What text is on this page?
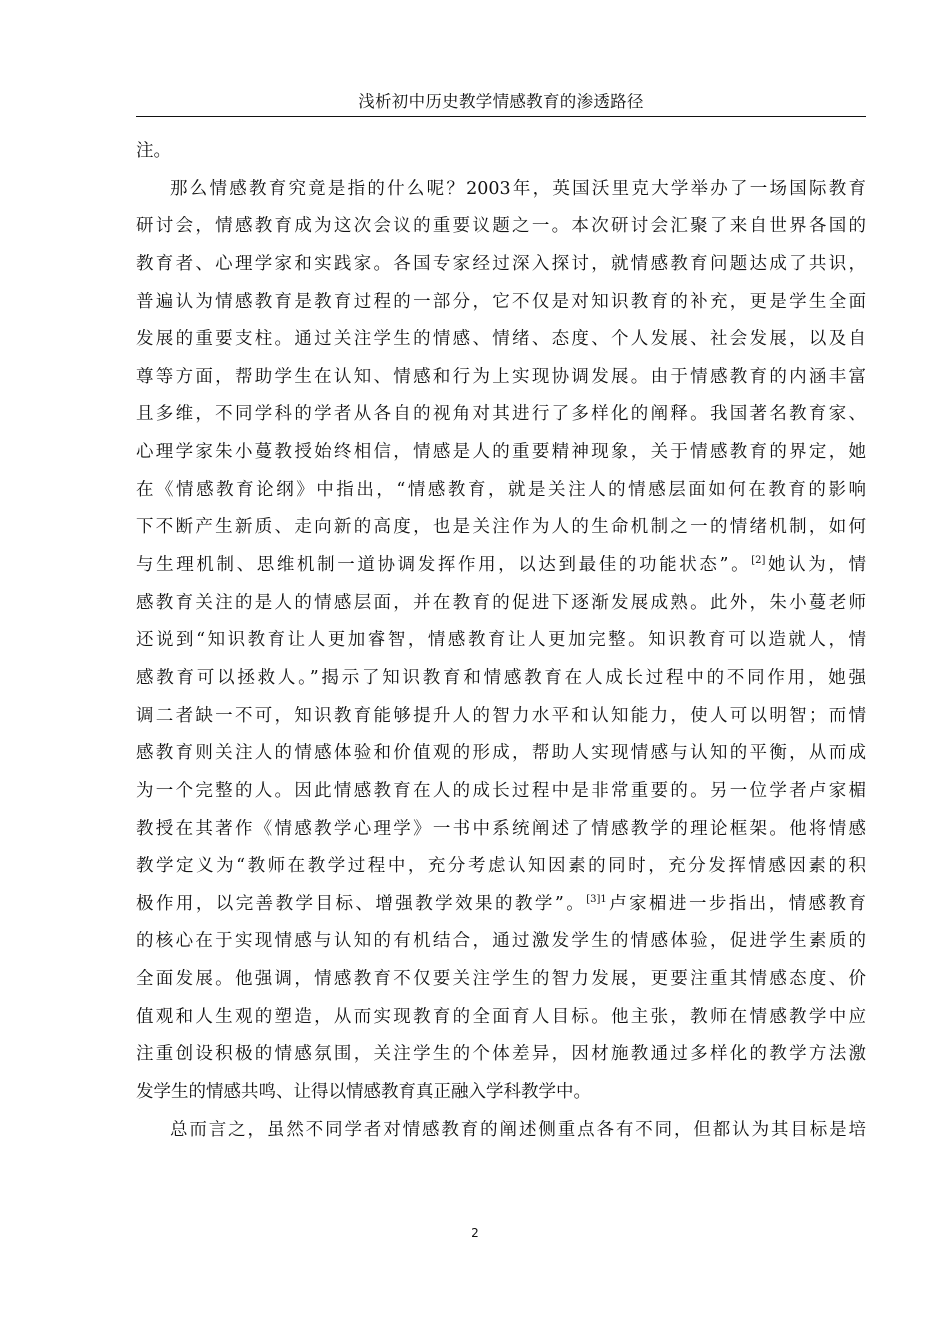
浅析初中历史教学情感教育的渗透路径
注。
那么情感教育究竟是指的什么呢？2003年，英国沃里克大学举办了一场国际教育
研讨会，情感教育成为这次会议的重要议题之一。本次研讨会汇聚了来自世界各国的
教育者、心理学家和实践家。各国专家经过深入探讨，就情感教育问题达成了共识，
普遍认为情感教育是教育过程的一部分，它不仅是对知识教育的补充，更是学生全面
发展的重要支柱。通过关注学生的情感、情绪、态度、个人发展、社会发展，以及自
尊等方面，帮助学生在认知、情感和行为上实现协调发展。由于情感教育的内涵丰富
且多维，不同学科的学者从各自的视角对其进行了多样化的阐释。我国著名教育家、
心理学家朱小蔓教授始终相信，情感是人的重要精神现象，关于情感教育的界定，她
在《情感教育论纲》中指出，“情感教育，就是关注人的情感层面如何在教育的影响
下不断产生新质、走向新的高度，也是关注作为人的生命机制之一的情绪机制，如何
与生理机制、思维机制一道协调发挥作用，以达到最佳的功能状态”。[2]她认为，情
感教育关注的是人的情感层面，并在教育的促进下逐渐发展成熟。此外，朱小蔓老师
还说到“知识教育让人更加睿智，情感教育让人更加完整。知识教育可以造就人，情
感教育可以拯救人。”揭示了知识教育和情感教育在人成长过程中的不同作用，她强
调二者缺一不可，知识教育能够提升人的智力水平和认知能力，使人可以明智；而情
感教育则关注人的情感体验和价值观的形成，帮助人实现情感与认知的平衡，从而成
为一个完整的人。因此情感教育在人的成长过程中是非常重要的。另一位学者卢家楣
教授在其著作《情感教学心理学》一书中系统阐述了情感教学的理论框架。他将情感
教学定义为“教师在教学过程中，充分考虑认知因素的同时，充分发挥情感因素的积
极作用，以完善教学目标、增强教学效果的教学”。$^{[3]1}$卢家楣进一步指出，情感教育
的核心在于实现情感与认知的有机结合，通过激发学生的情感体验，促进学生素质的
全面发展。他强调，情感教育不仅要关注学生的智力发展，更要注重其情感态度、价
值观和人生观的塑造，从而实现教育的全面育人目标。他主张，教师在情感教学中应
注重创设积极的情感氛围，关注学生的个体差异，因材施教通过多样化的教学方法激
发学生的情感共鸣、让得以情感教育真正融入学科教学中。
总而言之，虽然不同学者对情感教育的阐述侧重点各有不同，但都认为其目标是培
2
